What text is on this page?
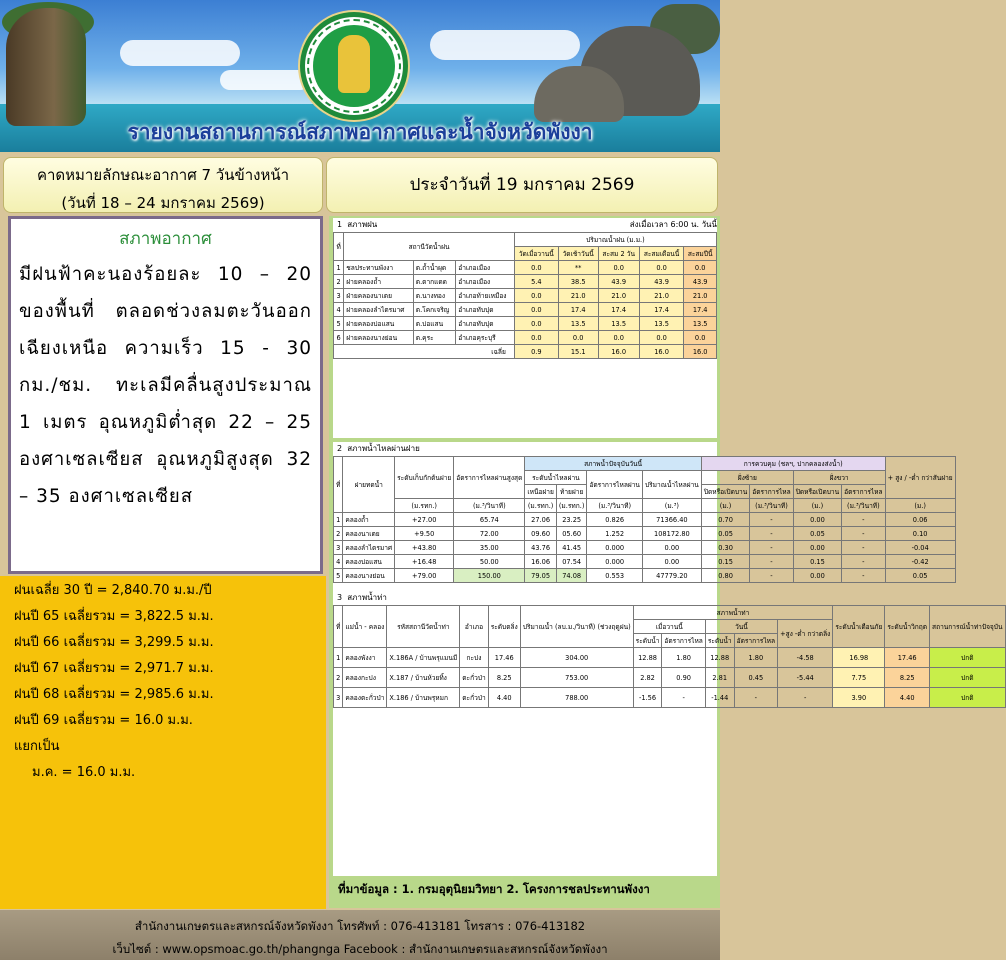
รายงานสถานการณ์สภาพอากาศและน้ำจังหวัดพังงา
คาดหมายลักษณะอากาศ 7 วันข้างหน้า
(วันที่ 18 – 24 มกราคม 2569)
ประจำวันที่ 19 มกราคม 2569
สภาพอากาศ
มีฝนฟ้าคะนองร้อยละ 10 – 20 ของพื้นที่ ตลอดช่วงลมตะวันออกเฉียงเหนือ ความเร็ว 15 - 30 กม./ชม. ทะเลมีคลื่นสูงประมาณ 1 เมตร อุณหภูมิต่ำสุด 22 – 25 องศาเซลเซียส อุณหภูมิสูงสุด 32 – 35 องศาเซลเซียส
ฝนเฉลี่ย 30 ปี = 2,840.70 ม.ม./ปี
ฝนปี 65 เฉลี่ยรวม = 3,822.5 ม.ม.
ฝนปี 66 เฉลี่ยรวม = 3,299.5 ม.ม.
ฝนปี 67 เฉลี่ยรวม = 2,971.7 ม.ม.
ฝนปี 68 เฉลี่ยรวม = 2,985.6 ม.ม.
ฝนปี 69 เฉลี่ยรวม = 16.0 ม.ม.
แยกเป็น
ม.ค. = 16.0 ม.ม.
1 สภาพฝน	ส่งเมื่อเวลา 6:00 น. วันนี้
ที่	สถานีวัดน้ำฝน			ปริมาณน้ำฝน (ม.ม.)				
				วัดเมื่อวานนี้	วัดเช้าวันนี้	สะสม 2 วัน	สะสมเดือนนี้	สะสมปีนี้
1	ชลประทานพังงา	ต.ถ้ำน้ำผุด	อำเภอเมือง	0.0	**	0.0	0.0	0.0
2	ฝายคลองถ้ำ	ต.ตากแดด	อำเภอเมือง	5.4	38.5	43.9	43.9	43.9
3	ฝ่ายคลองนาเตย	ต.นางทอง	อำเภอท้ายเหมือง	0.0	21.0	21.0	21.0	21.0
4	ฝายคลองลำไตรมาศ	ต.โคกเจริญ	อำเภอทับปุด	0.0	17.4	17.4	17.4	17.4
5	ฝายคลองบ่อแสน	ต.บ่อแสน	อำเภอทับปุด	0.0	13.5	13.5	13.5	13.5
6	ฝายคลองนางย่อน	ต.คุระ	อำเภอคุระบุรี	0.0	0.0	0.0	0.0	0.0
เฉลี่ย				0.9	15.1	16.0	16.0	16.0
2 สภาพน้ำไหลผ่านฝาย
ที่	ฝายทดน้ำ	ระดับเก็บกักต้นฝาย	อัตราการไหลผ่านสูงสุด	สภาพน้ำปัจจุบันวันนี้				การควบคุม (ชลฯ, ปากคลองส่งน้ำ)				+ สูง / -ต่ำ กว่าสันฝาย
				ระดับน้ำไหลผ่าน		อัตราการไหลผ่าน	ปริมาณน้ำไหลผ่าน	ฝั่งซ้าย		ฝั่งขวา		
				เหนือฝาย	ท้ายฝาย			ปิดหรือเปิดบาน	อัตราการไหล	ปิดหรือเปิดบาน	อัตราการไหล	
		(ม.รทก.)	(ม.³/วินาที)	(ม.รทก.)	(ม.รทก.)	(ม.³/วินาที)	(ม.³)	(ม.)	(ม.³/วินาที)	(ม.)	(ม.³/วินาที)	(ม.)
1	คลองถ้ำ	+27.00	65.74	27.06	23.25	0.826	71366.40	0.70	-	0.00	-	0.06
2	คลองนาเตย	+9.50	72.00	09.60	05.60	1.252	108172.80	0.05	-	0.05	-	0.10
3	คลองลำไตรมาศ	+43.80	35.00	43.76	41.45	0.000	0.00	0.30	-	0.00	-	-0.04
4	คลองบ่อแสน	+16.48	50.00	16.06	07.54	0.000	0.00	0.15	-	0.15	-	-0.42
5	คลองนางย่อน	+79.00	150.00	79.05	74.08	0.553	47779.20	0.80	-	0.00	-	0.05
3 สภาพน้ำท่า
ที่	แม่น้ำ - คลอง	รหัสสถานีวัดน้ำท่า	อำเภอ	ระดับตลิ่ง	ปริมาณน้ำ (ลบ.ม./วินาที) (ช่วงฤดูฝน)	สภาพน้ำท่า					ระดับน้ำเตือนภัย	ระดับน้ำวิกฤต	สถานการณ์น้ำท่าปัจจุบัน
						เมื่อวานนี้		วันนี้		+สูง -ต่ำ กว่าตลิ่ง			
						ระดับน้ำ	อัตราการไหล	ระดับน้ำ	อัตราการไหล				
1	คลองพังงา	X.186A / บ้านพรุแมนมี	กะปง	17.46	304.00	12.88	1.80	12.88	1.80	-4.58	16.98	17.46	ปกติ
2	คลองกะปง	X.187 / บ้านห้วยทิ้ง	ตะกั่วป่า	8.25	753.00	2.82	0.90	2.81	0.45	-5.44	7.75	8.25	ปกติ
3	คลองตะกั่วป่า	X.186 / บ้านพรุหมก	ตะกั่วป่า	4.40	788.00	-1.56	-	-1.44	-	-	3.90	4.40	ปกติ
ที่มาข้อมูล : 1. กรมอุตุนิยมวิทยา 2. โครงการชลประทานพังงา
สำนักงานเกษตรและสหกรณ์จังหวัดพังงา โทรศัพท์ : 076-413181 โทรสาร : 076-413182
เว็บไซต์ : www.opsmoac.go.th/phangnga Facebook : สำนักงานเกษตรและสหกรณ์จังหวัดพังงา
